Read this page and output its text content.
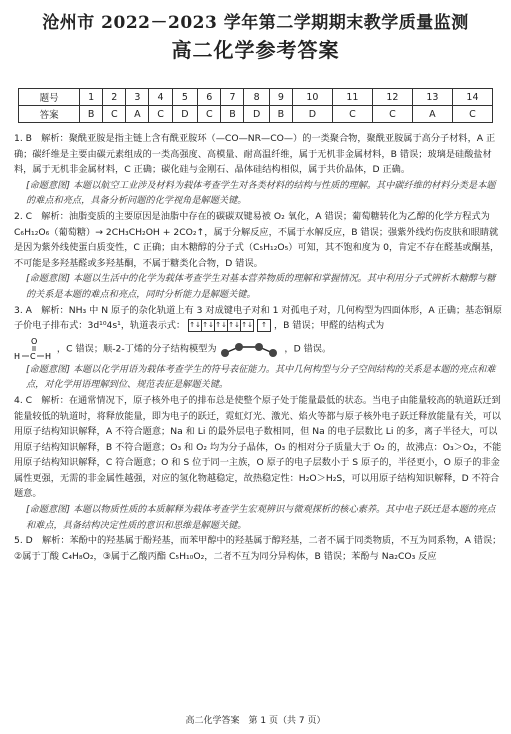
沧州市 2022－2023 学年第二学期期末教学质量监测
高二化学参考答案
题号	1	2	3	4	5	6	7	8	9	10	11	12	13	14
答案	B	C	A	C	D	C	B	D	B	D	C	C	A	C

1. B　解析：聚酰亚胺是指主链上含有酰亚胺环（—CO—NR—CO—）的一类聚合物，聚酰亚胺属于高分子材料，A 正确；碳纤维是主要由碳元素组成的一类高强度、高模量、耐高温纤维，属于无机非金属材料，B 错误；玻璃是硅酸盐材料，属于无机非金属材料，C 正确；碳化硅与金刚石、晶体硅结构相似，属于共价晶体，D 正确。

[命题意图] 本题以航空工业涉及材料为载体考查学生对各类材料的结构与性质的理解。其中碳纤维的材料分类是本题的难点和亮点，具备分析问题的化学视角是解题关键。

2. C　解析：油脂变质的主要原因是油脂中存在的碳碳双键易被 O₂ 氧化，A 错误；葡萄糖转化为乙醇的化学方程式为 C₆H₁₂O₆（葡萄糖）→ 2CH₃CH₂OH + 2CO₂↑，属于分解反应，不属于水解反应，B 错误；强紫外线灼伤皮肤和眼睛就是因为紫外线使蛋白质变性，C 正确；由木糖醇的分子式（C₅H₁₂O₅）可知，其不饱和度为 0，肯定不存在醛基或酮基，不可能是多羟基醛或多羟基酮，不属于糖类化合物，D 错误。

[命题意图] 本题以生活中的化学为载体考查学生对基本营养物质的理解和掌握情况。其中利用分子式辨析木糖醇与糖的关系是本题的难点和亮点，同时分析能力是解题关键。

3. A　解析：NH₃ 中 N 原子的杂化轨道上有 3 对成键电子对和 1 对孤电子对，几何构型为四面体形，A 正确；基态铜原子价电子排布式：3d¹⁰4s¹，轨道表示式： ↑↓ ↑↓ ↑↓ ↑↓ ↑↓
	↑ ，B 错误；甲醛的结构式为

O
H C H
，C 错误；顺-2-丁烯的分子结构模型为	，D 错误。

[命题意图] 本题以化学用语为载体考查学生的符号表征能力。其中几何构型与分子空间结构的关系是本题的亮点和难点，对化学用语理解到位、规范表征是解题关键。

4. C　解析：在通常情况下，原子核外电子的排布总是使整个原子处于能量最低的状态。当电子由能量较高的轨道跃迁到能量较低的轨道时，将释放能量，即为电子的跃迁，霓虹灯光、激光、焰火等都与原子核外电子跃迁释放能量有关，可以用原子结构知识解释，A 不符合题意；Na 和 Li 的最外层电子数相同，但 Na 的电子层数比 Li 的多，离子半径大，可以用原子结构知识解释，B 不符合题意；O₃ 和 O₂ 均为分子晶体，O₃ 的相对分子质量大于 O₂ 的，故沸点：O₃＞O₂，不能用原子结构知识解释，C 符合题意；O 和 S 位于同一主族，O 原子的电子层数小于 S 原子的，半径更小，O 原子的非金属性更强，无需的非金属性越强，对应的氢化物越稳定，故热稳定性：H₂O＞H₂S，可以用原子结构知识解释，D 不符合题意。

[命题意图] 本题以物质性质的本质解释为载体考查学生宏观辨识与微观探析的核心素养。其中电子跃迁是本题的亮点和难点，具备结构决定性质的意识和思维是解题关键。

5. D　解析：苯酚中的羟基属于酚羟基，而苯甲醇中的羟基属于醇羟基，二者不属于同类物质，不互为同系物，A 错误；②属于丁酸 C₄H₈O₂，③属于乙酸丙酯 C₅H₁₀O₂，二者不互为同分异构体，B 错误；苯酚与 Na₂CO₃ 反应

高二化学答案　第 1 页（共 7 页）
